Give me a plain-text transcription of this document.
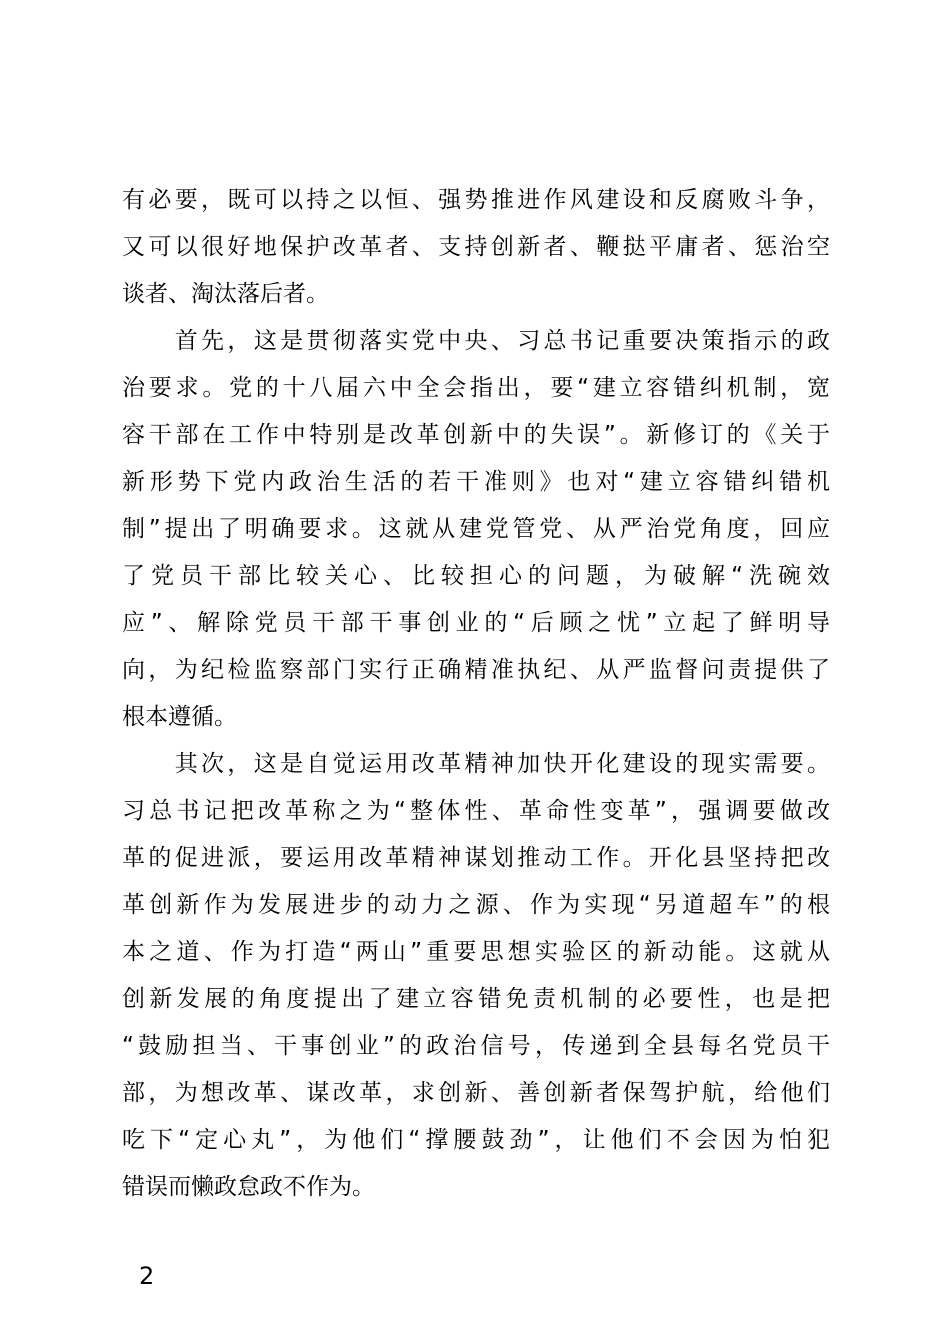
有必要，既可以持之以恒、强势推进作风建设和反腐败斗争，
又可以很好地保护改革者、支持创新者、鞭挞平庸者、惩治空
谈者、淘汰落后者。
　　首先，这是贯彻落实党中央、习总书记重要决策指示的政
治要求。党的十八届六中全会指出，要“建立容错纠机制，宽
容干部在工作中特别是改革创新中的失误”。新修订的《关于
新形势下党内政治生活的若干准则》也对“建立容错纠错机
制”提出了明确要求。这就从建党管党、从严治党角度，回应
了党员干部比较关心、比较担心的问题，为破解“洗碗效
应”、解除党员干部干事创业的“后顾之忧”立起了鲜明导
向，为纪检监察部门实行正确精准执纪、从严监督问责提供了
根本遵循。
　　其次，这是自觉运用改革精神加快开化建设的现实需要。
习总书记把改革称之为“整体性、革命性变革”，强调要做改
革的促进派，要运用改革精神谋划推动工作。开化县坚持把改
革创新作为发展进步的动力之源、作为实现“另道超车”的根
本之道、作为打造“两山”重要思想实验区的新动能。这就从
创新发展的角度提出了建立容错免责机制的必要性，也是把
“鼓励担当、干事创业”的政治信号，传递到全县每名党员干
部，为想改革、谋改革，求创新、善创新者保驾护航，给他们
吃下“定心丸”，为他们“撑腰鼓劲”，让他们不会因为怕犯
错误而懒政怠政不作为。
2
